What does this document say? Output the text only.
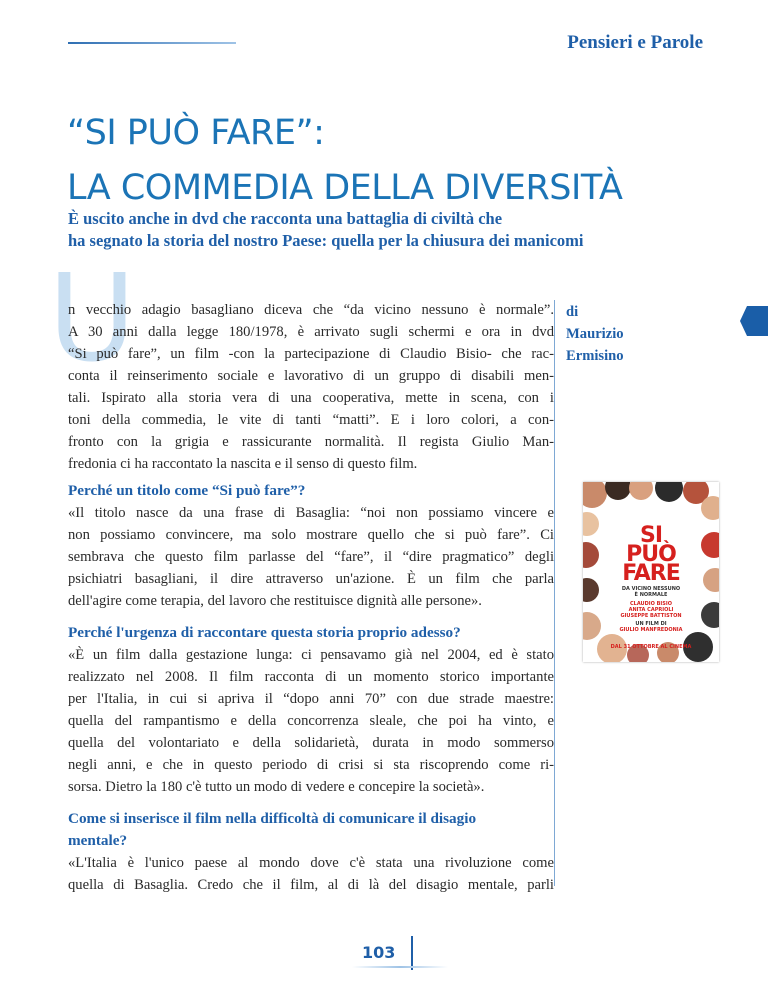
Pensieri e Parole
“SI PUÒ FARE”:
LA COMMEDIA DELLA DIVERSITÀ
È uscito anche in dvd che racconta una battaglia di civiltà che
ha segnato la storia del nostro Paese: quella per la chiusura dei manicomi
U

n vecchio adagio basagliano diceva che “da vicino nessuno è normale”.
A 30 anni dalla legge 180/1978, è arrivato sugli schermi e ora in dvd
“Si può fare”, un film -con la partecipazione di Claudio Bisio- che rac-
conta il reinserimento sociale e lavorativo di un gruppo di disabili men-
tali. Ispirato alla storia vera di una cooperativa, mette in scena, con i
toni della commedia, le vite di tanti “matti”. E i loro colori, a con-
fronto con la grigia e rassicurante normalità. Il regista Giulio Man-
fredonia ci ha raccontato la nascita e il senso di questo film.

Perché un titolo come “Si può fare”?

«Il titolo nasce da una frase di Basaglia: “noi non possiamo vincere e
non possiamo convincere, ma solo mostrare quello che si può fare”. Ci
sembrava che questo film parlasse del “fare”, il “dire pragmatico” degli
psichiatri basagliani, il dire attraverso un'azione. È un film che parla
dell'agire come terapia, del lavoro che restituisce dignità alle persone».

Perché l'urgenza di raccontare questa storia proprio adesso?

«È un film dalla gestazione lunga: ci pensavamo già nel 2004, ed è stato
realizzato nel 2008. Il film racconta di un momento storico importante
per l'Italia, in cui si apriva il “dopo anni 70” con due strade maestre:
quella del rampantismo e della concorrenza sleale, che poi ha vinto, e
quella del volontariato e della solidarietà, durata in modo sommerso
negli anni, e che in questo periodo di crisi si sta riscoprendo come ri-
sorsa. Dietro la 180 c'è tutto un modo di vedere e concepire la società».

Come si inserisce il film nella difficoltà di comunicare il disagio
mentale?

«L'Italia è l'unico paese al mondo dove c'è stata una rivoluzione come
quella di Basaglia. Credo che il film, al di là del disagio mentale, parli

di
Maurizio
Ermisino
SI
PUÒ
FARE
DA VICINO NESSUNO
È NORMALE
CLAUDIO BISIO
ANITA CAPRIOLI
GIUSEPPE BATTISTON
UN FILM DI
GIULIO MANFREDONIA
DAL 31 OTTOBRE AL CINEMA
103
